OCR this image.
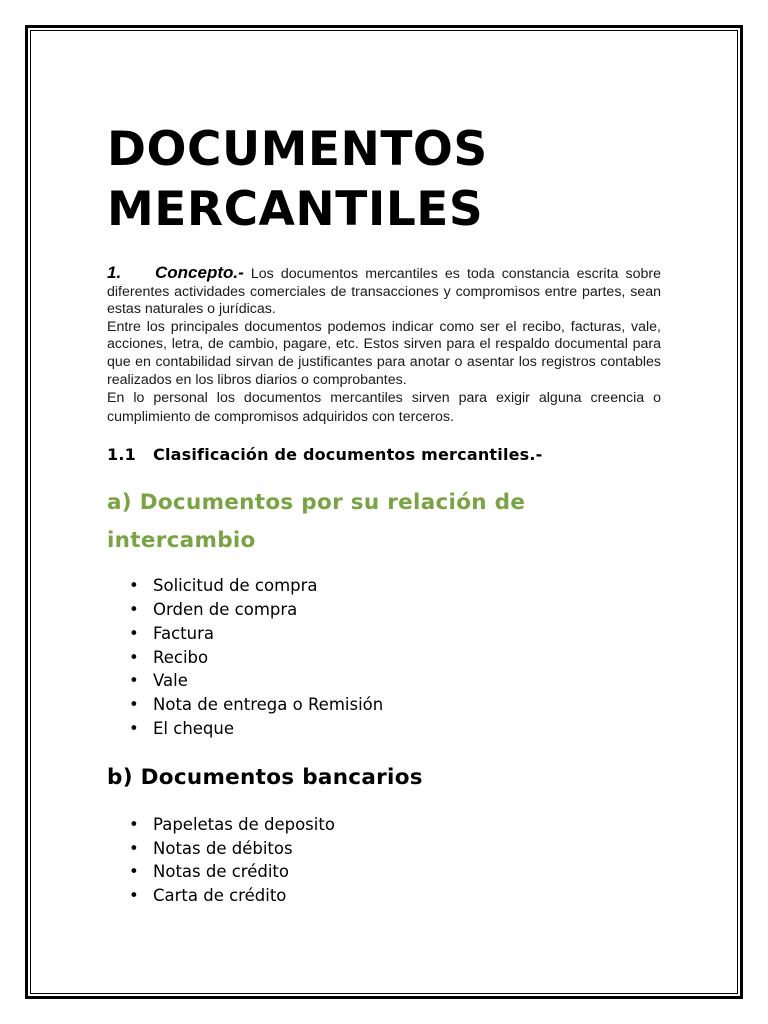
DOCUMENTOS
MERCANTILES

1. Concepto.- Los documentos mercantiles es toda constancia escrita sobre diferentes actividades comerciales de transacciones y compromisos entre partes, sean estas naturales o jurídicas.

Entre los principales documentos podemos indicar como ser el recibo, facturas, vale, acciones, letra, de cambio, pagare, etc. Estos sirven para el respaldo documental para que en contabilidad sirvan de justificantes para anotar o asentar los registros contables realizados en los libros diarios o comprobantes.

En lo personal los documentos mercantiles sirven para exigir alguna creencia o cumplimiento de compromisos adquiridos con terceros.

1.1 Clasificación de documentos mercantiles.-
a) Documentos por su relación de intercambio
• Solicitud de compra
• Orden de compra
• Factura
• Recibo
• Vale
• Nota de entrega o Remisión
• El cheque
b) Documentos bancarios
• Papeletas de deposito
• Notas de débitos
• Notas de crédito
• Carta de crédito
